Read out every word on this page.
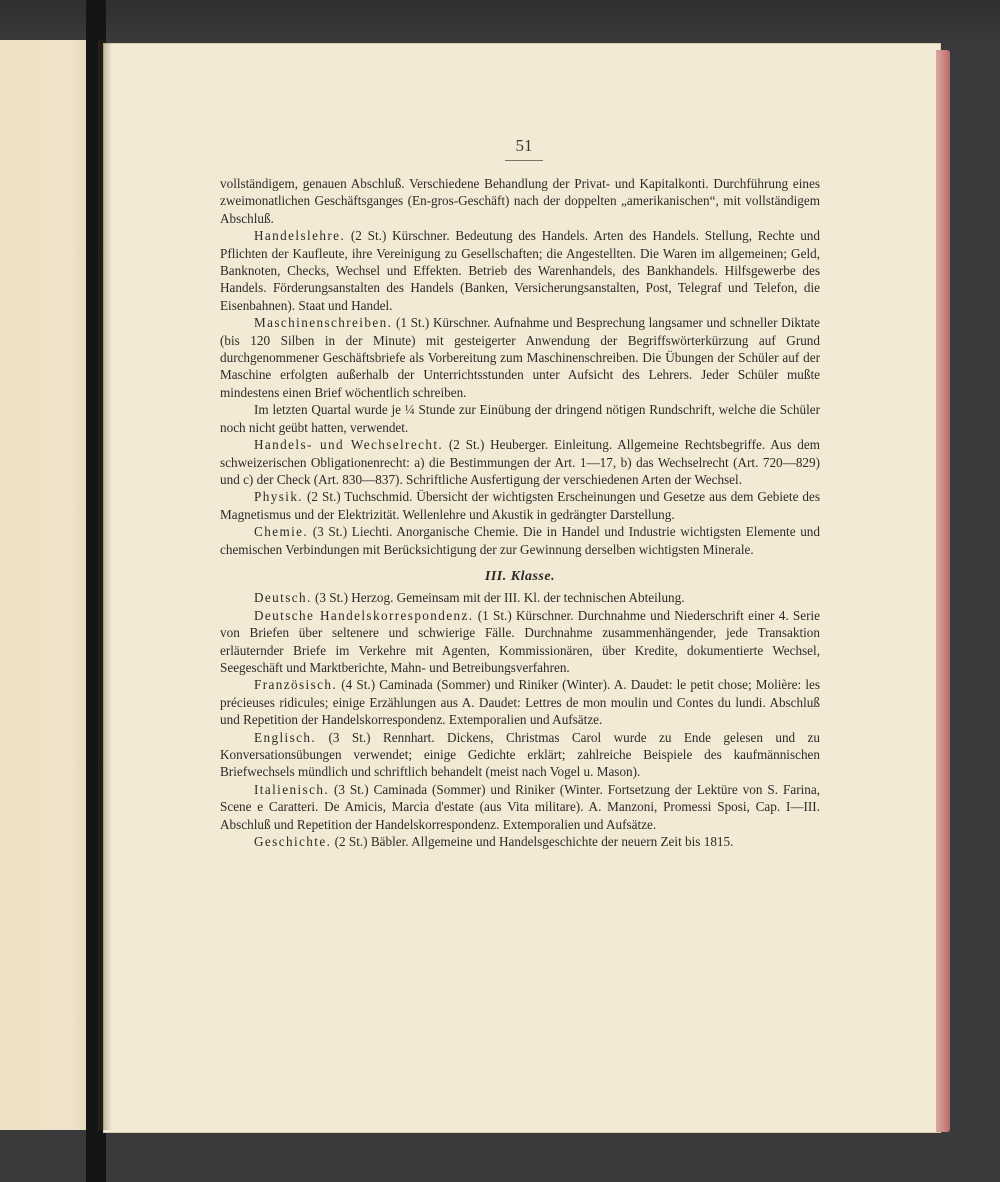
51

vollständigem, genauen Abschluß. Verschiedene Behandlung der Privat- und Kapitalkonti. Durchführung eines zweimonatlichen Geschäftsganges (En-gros-Geschäft) nach der doppelten „amerikanischen“, mit vollständigem Abschluß.

Handelslehre. (2 St.) Kürschner. Bedeutung des Handels. Arten des Handels. Stellung, Rechte und Pflichten der Kaufleute, ihre Vereinigung zu Gesellschaften; die Angestellten. Die Waren im allgemeinen; Geld, Banknoten, Checks, Wechsel und Effekten. Betrieb des Warenhandels, des Bankhandels. Hilfsgewerbe des Handels. Förderungsanstalten des Handels (Banken, Versicherungsanstalten, Post, Telegraf und Telefon, die Eisenbahnen). Staat und Handel.

Maschinenschreiben. (1 St.) Kürschner. Aufnahme und Besprechung langsamer und schneller Diktate (bis 120 Silben in der Minute) mit gesteigerter Anwendung der Begriffswörterkürzung auf Grund durchgenommener Geschäftsbriefe als Vorbereitung zum Maschinenschreiben. Die Übungen der Schüler auf der Maschine erfolgten außerhalb der Unterrichtsstunden unter Aufsicht des Lehrers. Jeder Schüler mußte mindestens einen Brief wöchentlich schreiben.

Im letzten Quartal wurde je ¼ Stunde zur Einübung der dringend nötigen Rundschrift, welche die Schüler noch nicht geübt hatten, verwendet.

Handels- und Wechselrecht. (2 St.) Heuberger. Einleitung. Allgemeine Rechtsbegriffe. Aus dem schweizerischen Obligationenrecht: a) die Bestimmungen der Art. 1—17, b) das Wechselrecht (Art. 720—829) und c) der Check (Art. 830—837). Schriftliche Ausfertigung der verschiedenen Arten der Wechsel.

Physik. (2 St.) Tuchschmid. Übersicht der wichtigsten Erscheinungen und Gesetze aus dem Gebiete des Magnetismus und der Elektrizität. Wellenlehre und Akustik in gedrängter Darstellung.

Chemie. (3 St.) Liechti. Anorganische Chemie. Die in Handel und Industrie wichtigsten Elemente und chemischen Verbindungen mit Berücksichtigung der zur Gewinnung derselben wichtigsten Minerale.

III. Klasse.

Deutsch. (3 St.) Herzog. Gemeinsam mit der III. Kl. der technischen Abteilung.

Deutsche Handelskorrespondenz. (1 St.) Kürschner. Durchnahme und Niederschrift einer 4. Serie von Briefen über seltenere und schwierige Fälle. Durchnahme zusammenhängender, jede Transaktion erläuternder Briefe im Verkehre mit Agenten, Kommissionären, über Kredite, dokumentierte Wechsel, Seegeschäft und Marktberichte, Mahn- und Betreibungsverfahren.

Französisch. (4 St.) Caminada (Sommer) und Riniker (Winter). A. Daudet: le petit chose; Molière: les précieuses ridicules; einige Erzählungen aus A. Daudet: Lettres de mon moulin und Contes du lundi. Abschluß und Repetition der Handelskorrespondenz. Extemporalien und Aufsätze.

Englisch. (3 St.) Rennhart. Dickens, Christmas Carol wurde zu Ende gelesen und zu Konversationsübungen verwendet; einige Gedichte erklärt; zahlreiche Beispiele des kaufmännischen Briefwechsels mündlich und schriftlich behandelt (meist nach Vogel u. Mason).

Italienisch. (3 St.) Caminada (Sommer) und Riniker (Winter. Fortsetzung der Lektüre von S. Farina, Scene e Caratteri. De Amicis, Marcia d'estate (aus Vita militare). A. Manzoni, Promessi Sposi, Cap. I—III. Abschluß und Repetition der Handelskorrespondenz. Extemporalien und Aufsätze.

Geschichte. (2 St.) Bäbler. Allgemeine und Handelsgeschichte der neuern Zeit bis 1815.
